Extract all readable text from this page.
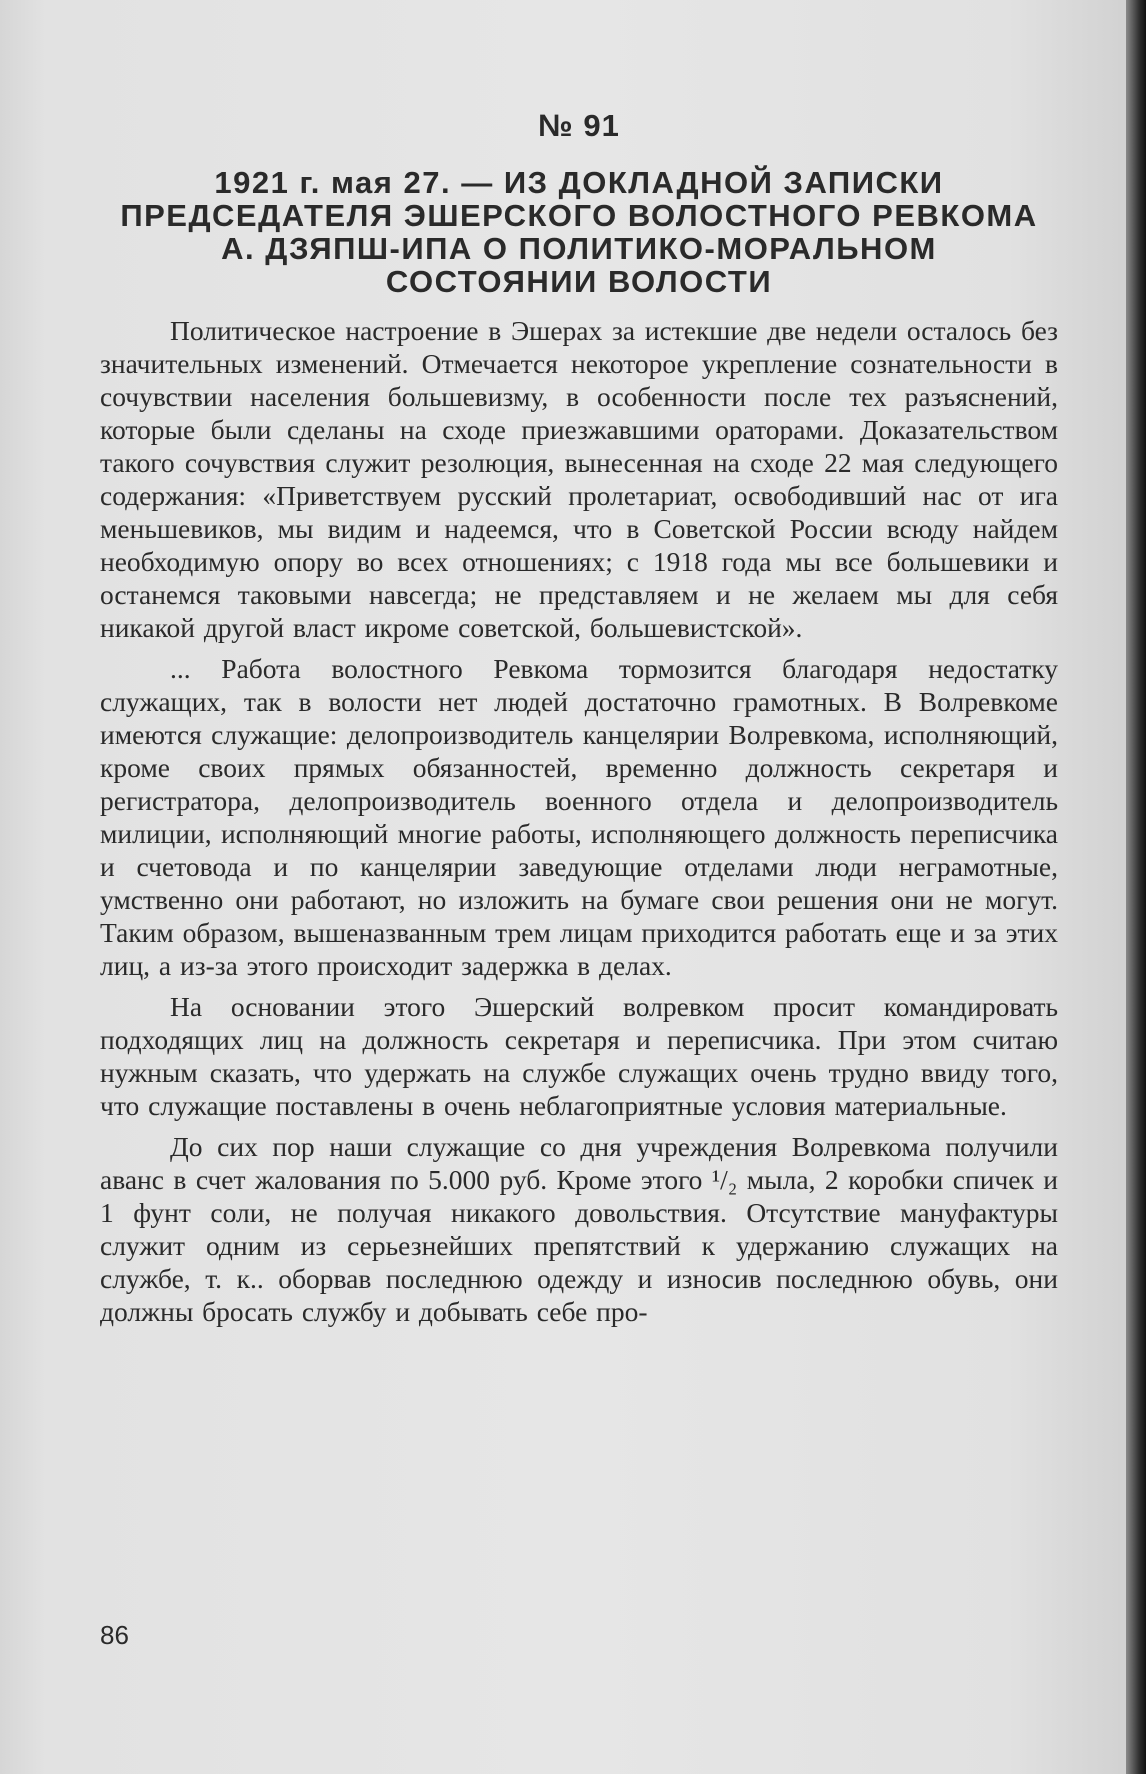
№ 91
1921 г. мая 27. — ИЗ ДОКЛАДНОЙ ЗАПИСКИ
ПРЕДСЕДАТЕЛЯ ЭШЕРСКОГО ВОЛОСТНОГО РЕВКОМА
А. ДЗЯПШ-ИПА О ПОЛИТИКО-МОРАЛЬНОМ
СОСТОЯНИИ ВОЛОСТИ

Политическое настроение в Эшерах за истекшие две недели осталось без значительных изменений. Отмечается некоторое укрепление сознательности в сочувствии населения большевизму, в особенности после тех разъяснений, которые были сделаны на сходе приезжавшими ораторами. Доказательством такого сочувствия служит резолюция, вынесенная на сходе 22 мая следующего содержания: «Приветствуем русский пролетариат, освободивший нас от ига меньшевиков, мы видим и надеемся, что в Советской России всюду найдем необходимую опору во всех отношениях; с 1918 года мы все большевики и останемся таковыми навсегда; не представляем и не желаем мы для себя никакой другой власт икроме советской, большевистской».

... Работа волостного Ревкома тормозится благодаря недостатку служащих, так в волости нет людей достаточно грамотных. В Волревкоме имеются служащие: делопроизводитель канцелярии Волревкома, исполняющий, кроме своих прямых обязанностей, временно должность секретаря и регистратора, делопроизводитель военного отдела и делопроизводитель милиции, исполняющий многие работы, исполняющего должность переписчика и счетовода и по канцелярии заведующие отделами люди неграмотные, умственно они работают, но изложить на бумаге свои решения они не могут. Таким образом, вышеназванным трем лицам приходится работать еще и за этих лиц, а из-за этого происходит задержка в делах.

На основании этого Эшерский волревком просит командировать подходящих лиц на должность секретаря и переписчика. При этом считаю нужным сказать, что удержать на службе служащих очень трудно ввиду того, что служащие поставлены в очень неблагоприятные условия материальные.

До сих пор наши служащие со дня учреждения Волревкома получили аванс в счет жалования по 5.000 руб. Кроме этого ¹/₂ мыла, 2 коробки спичек и 1 фунт соли, не получая никакого довольствия. Отсутствие мануфактуры служит одним из серьезнейших препятствий к удержанию служащих на службе, т. к.. оборвав последнюю одежду и износив последнюю обувь, они должны бросать службу и добывать себе про-

86
